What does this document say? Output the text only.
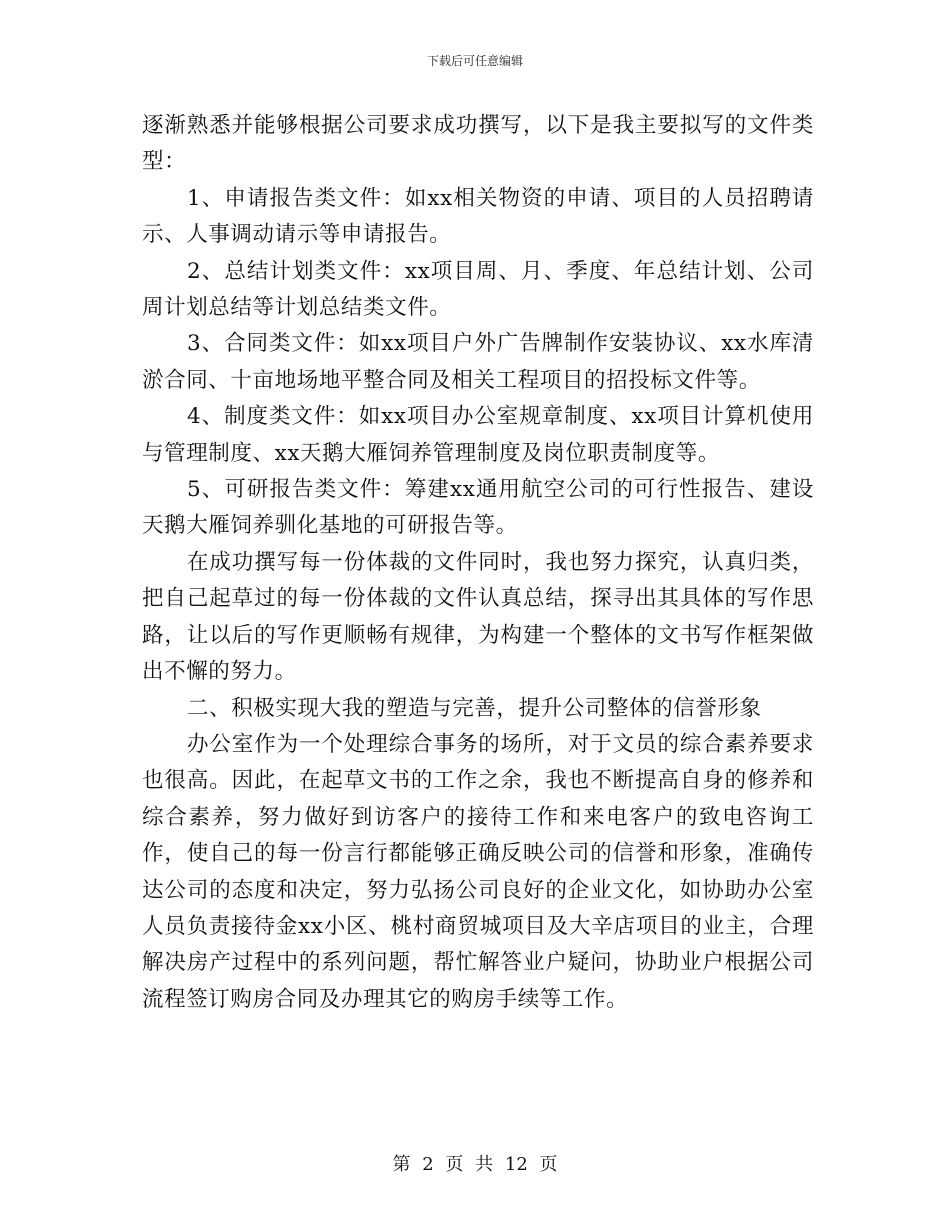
下载后可任意编辑

逐渐熟悉并能够根据公司要求成功撰写，以下是我主要拟写的文件类型：

1、申请报告类文件：如xx相关物资的申请、项目的人员招聘请示、人事调动请示等申请报告。

2、总结计划类文件：xx项目周、月、季度、年总结计划、公司周计划总结等计划总结类文件。

3、合同类文件：如xx项目户外广告牌制作安装协议、xx水库清淤合同、十亩地场地平整合同及相关工程项目的招投标文件等。

4、制度类文件：如xx项目办公室规章制度、xx项目计算机使用与管理制度、xx天鹅大雁饲养管理制度及岗位职责制度等。

5、可研报告类文件：筹建xx通用航空公司的可行性报告、建设天鹅大雁饲养驯化基地的可研报告等。

在成功撰写每一份体裁的文件同时，我也努力探究，认真归类，把自己起草过的每一份体裁的文件认真总结，探寻出其具体的写作思路，让以后的写作更顺畅有规律，为构建一个整体的文书写作框架做出不懈的努力。

二、积极实现大我的塑造与完善，提升公司整体的信誉形象

办公室作为一个处理综合事务的场所，对于文员的综合素养要求也很高。因此，在起草文书的工作之余，我也不断提高自身的修养和综合素养，努力做好到访客户的接待工作和来电客户的致电咨询工作，使自己的每一份言行都能够正确反映公司的信誉和形象，准确传达公司的态度和决定，努力弘扬公司良好的企业文化，如协助办公室人员负责接待金xx小区、桃村商贸城项目及大辛店项目的业主，合理解决房产过程中的系列问题，帮忙解答业户疑问，协助业户根据公司流程签订购房合同及办理其它的购房手续等工作。

第 2 页 共 12 页
